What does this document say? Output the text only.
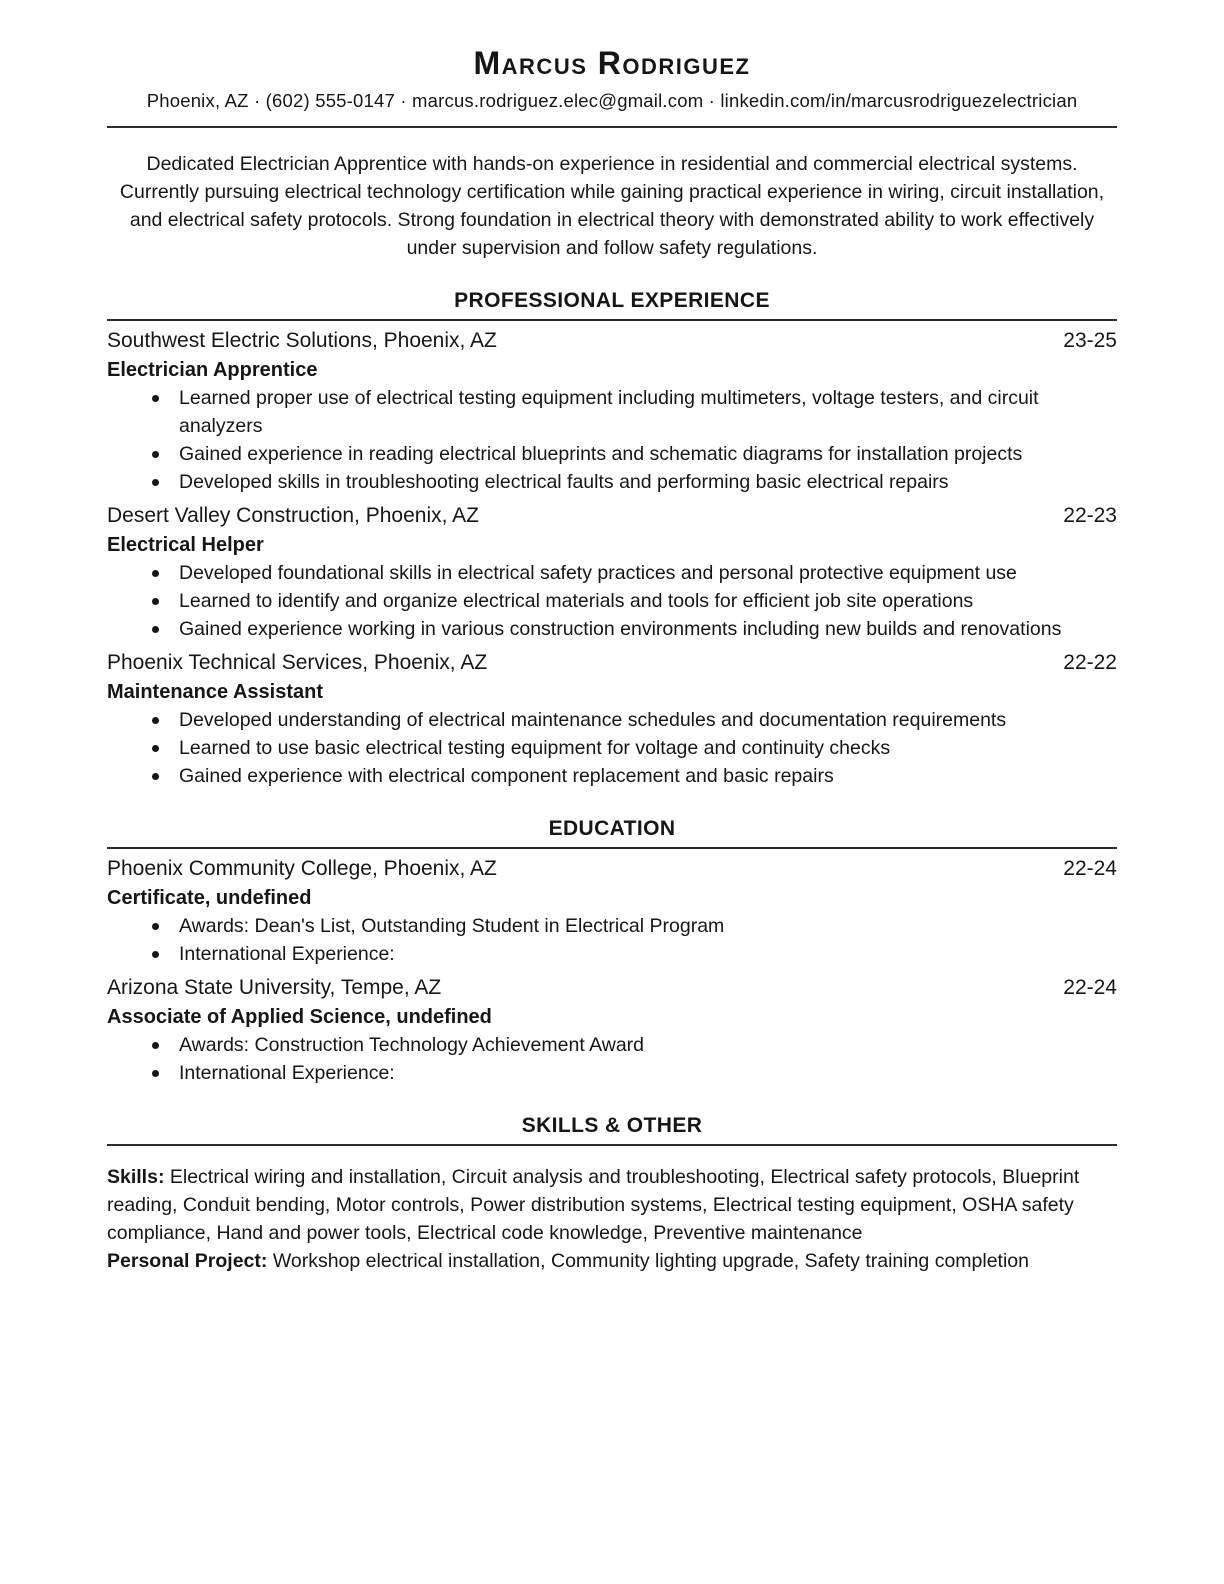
Marcus Rodriguez
Phoenix, AZ · (602) 555-0147 · marcus.rodriguez.elec@gmail.com · linkedin.com/in/marcusrodriguezelectrician

Dedicated Electrician Apprentice with hands-on experience in residential and commercial electrical systems. Currently pursuing electrical technology certification while gaining practical experience in wiring, circuit installation, and electrical safety protocols. Strong foundation in electrical theory with demonstrated ability to work effectively under supervision and follow safety regulations.

PROFESSIONAL EXPERIENCE
Southwest Electric Solutions, Phoenix, AZ	23-25
Electrician Apprentice
Learned proper use of electrical testing equipment including multimeters, voltage testers, and circuit analyzers
Gained experience in reading electrical blueprints and schematic diagrams for installation projects
Developed skills in troubleshooting electrical faults and performing basic electrical repairs
Desert Valley Construction, Phoenix, AZ	22-23
Electrical Helper
Developed foundational skills in electrical safety practices and personal protective equipment use
Learned to identify and organize electrical materials and tools for efficient job site operations
Gained experience working in various construction environments including new builds and renovations
Phoenix Technical Services, Phoenix, AZ	22-22
Maintenance Assistant
Developed understanding of electrical maintenance schedules and documentation requirements
Learned to use basic electrical testing equipment for voltage and continuity checks
Gained experience with electrical component replacement and basic repairs
EDUCATION
Phoenix Community College, Phoenix, AZ	22-24
Certificate, undefined
Awards: Dean's List, Outstanding Student in Electrical Program
International Experience:
Arizona State University, Tempe, AZ	22-24
Associate of Applied Science, undefined
Awards: Construction Technology Achievement Award
International Experience:
SKILLS & OTHER

Skills: Electrical wiring and installation, Circuit analysis and troubleshooting, Electrical safety protocols, Blueprint reading, Conduit bending, Motor controls, Power distribution systems, Electrical testing equipment, OSHA safety compliance, Hand and power tools, Electrical code knowledge, Preventive maintenance

Personal Project: Workshop electrical installation, Community lighting upgrade, Safety training completion
